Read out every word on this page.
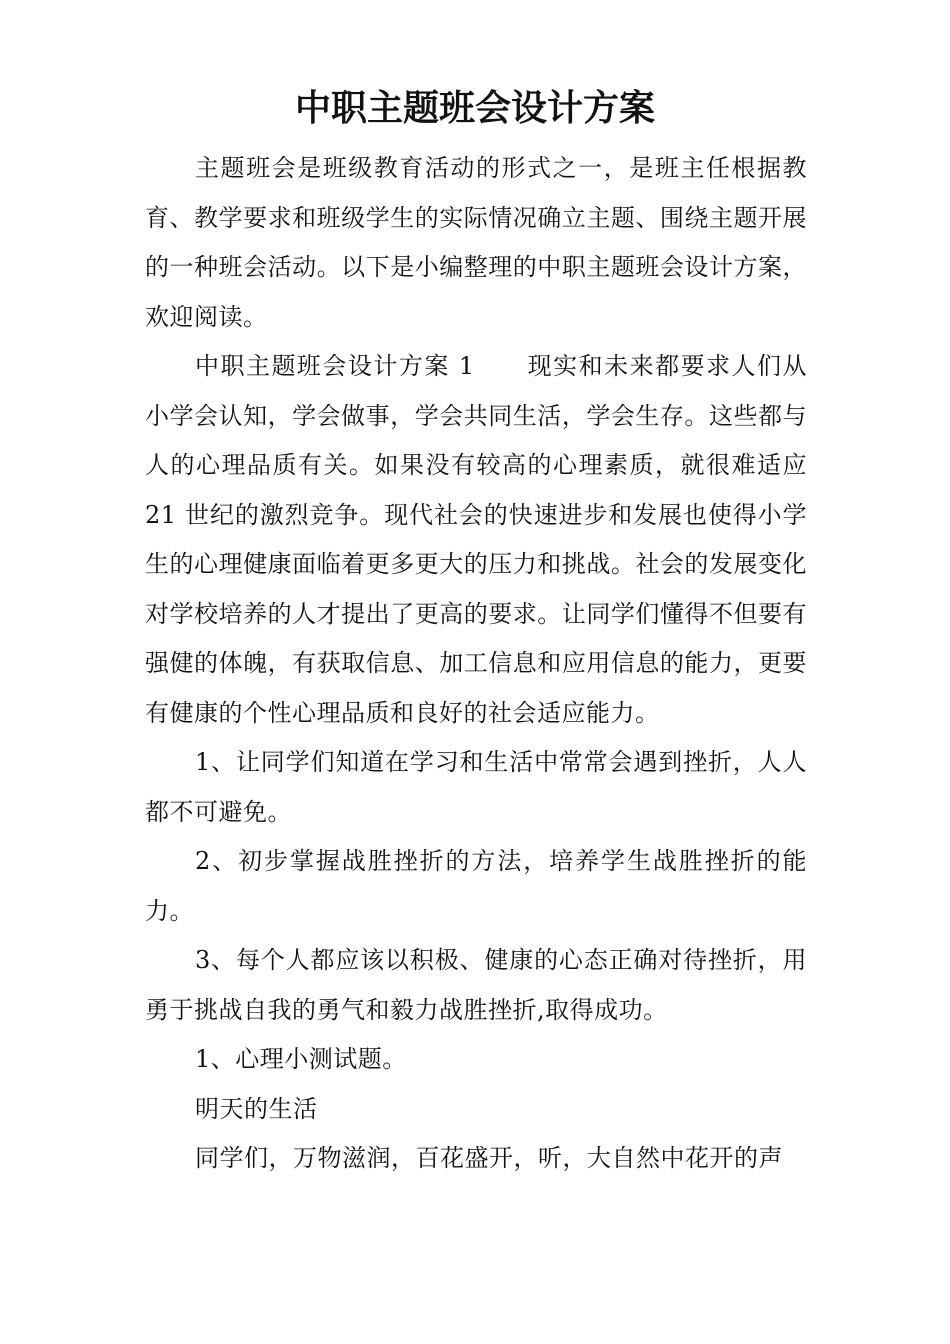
中职主题班会设计方案

主题班会是班级教育活动的形式之一，是班主任根据教育、教学要求和班级学生的实际情况确立主题、围绕主题开展的一种班会活动。以下是小编整理的中职主题班会设计方案，欢迎阅读。

中职主题班会设计方案 1 现实和未来都要求人们从小学会认知，学会做事，学会共同生活，学会生存。这些都与人的心理品质有关。如果没有较高的心理素质，就很难适应 21 世纪的激烈竞争。现代社会的快速进步和发展也使得小学生的心理健康面临着更多更大的压力和挑战。社会的发展变化对学校培养的人才提出了更高的要求。让同学们懂得不但要有强健的体魄，有获取信息、加工信息和应用信息的能力，更要有健康的个性心理品质和良好的社会适应能力。

1、让同学们知道在学习和生活中常常会遇到挫折，人人都不可避免。

2、初步掌握战胜挫折的方法，培养学生战胜挫折的能力。

3、每个人都应该以积极、健康的心态正确对待挫折，用勇于挑战自我的勇气和毅力战胜挫折,取得成功。

1、心理小测试题。

明天的生活

同学们，万物滋润，百花盛开，听，大自然中花开的声
